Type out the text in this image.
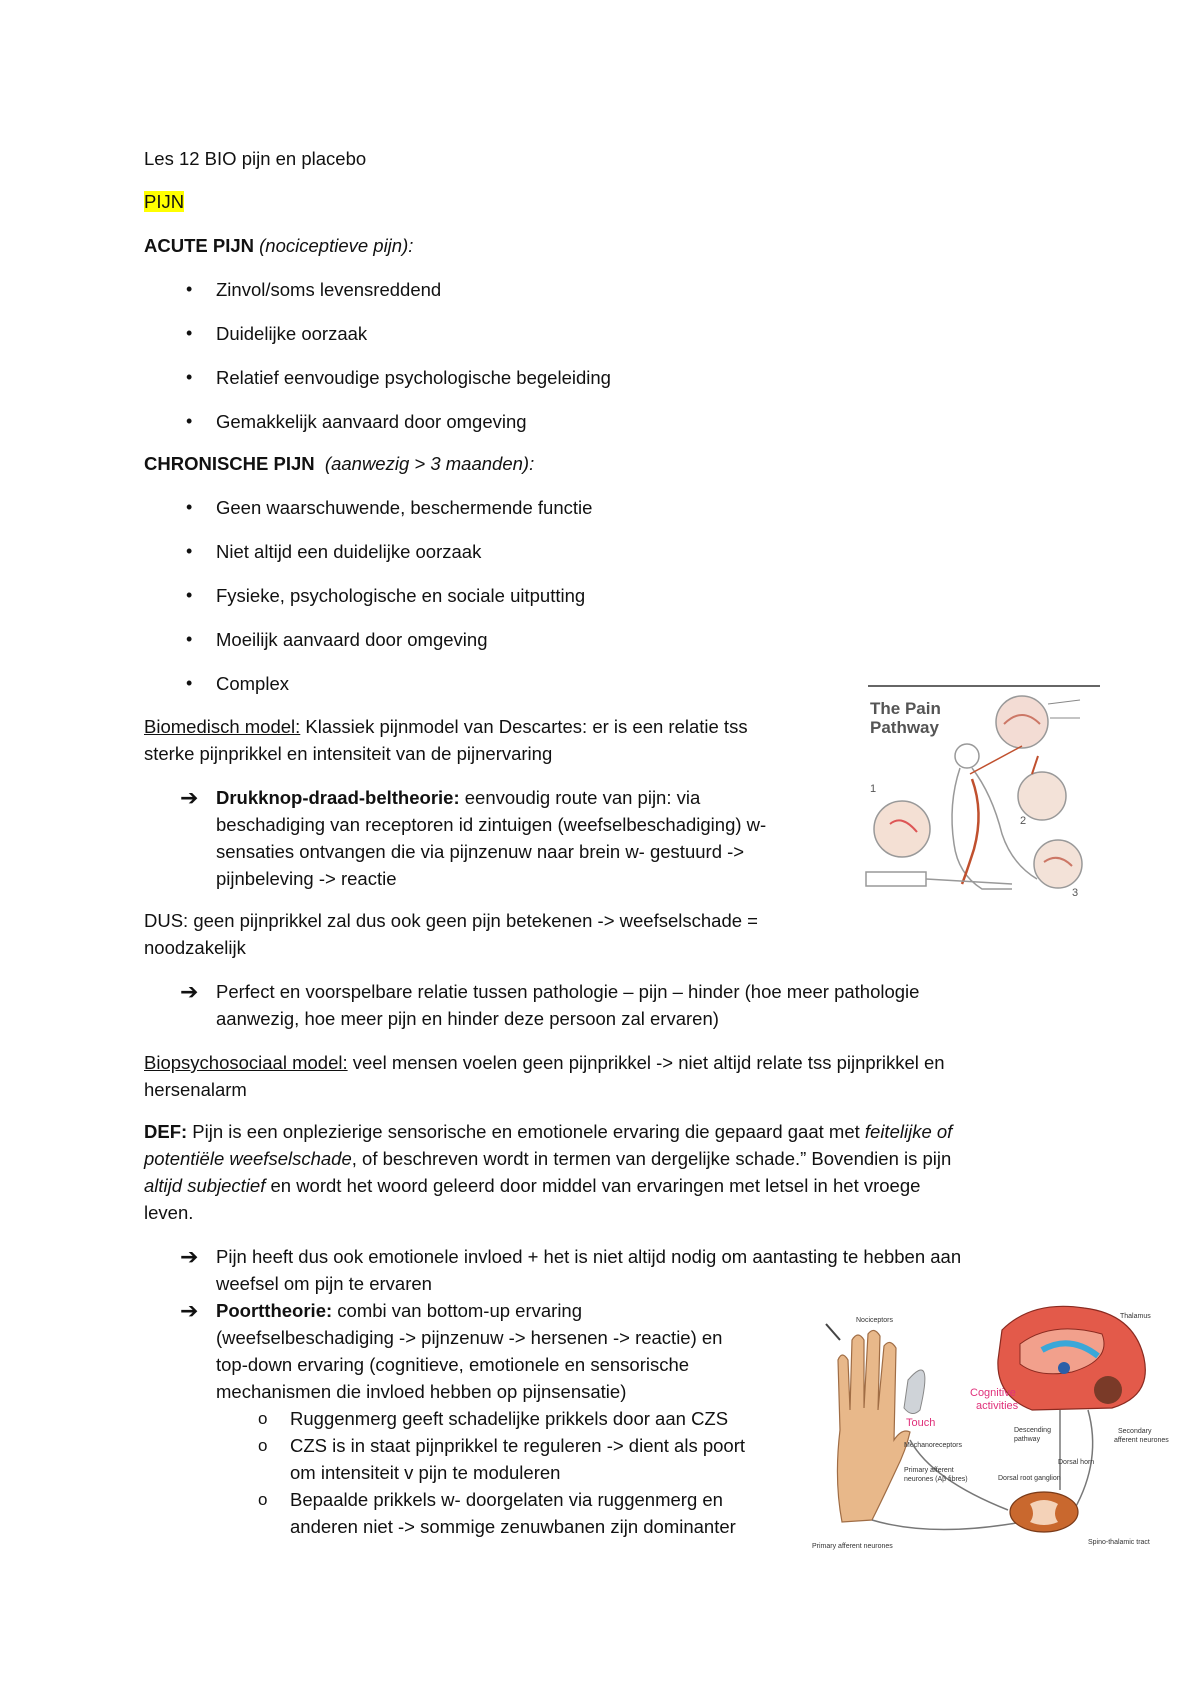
Les 12 BIO pijn en placebo
PIJN
ACUTE PIJN (nociceptieve pijn):
• Zinvol/soms levensreddend
• Duidelijke oorzaak
• Relatief eenvoudige psychologische begeleiding
• Gemakkelijk aanvaard door omgeving
CHRONISCHE PIJN (aanwezig > 3 maanden):
• Geen waarschuwende, beschermende functie
• Niet altijd een duidelijke oorzaak
• Fysieke, psychologische en sociale uitputting
• Moeilijk aanvaard door omgeving
• Complex
Biomedisch model: Klassiek pijnmodel van Descartes: er is een relatie tss
sterke pijnprikkel en intensiteit van de pijnervaring
➔ Drukknop-draad-beltheorie: eenvoudig route van pijn: via
beschadiging van receptoren id zintuigen (weefselbeschadiging) w-
sensaties ontvangen die via pijnzenuw naar brein w- gestuurd ->
pijnbeleving -> reactie
DUS: geen pijnprikkel zal dus ook geen pijn betekenen -> weefselschade =
noodzakelijk
➔ Perfect en voorspelbare relatie tussen pathologie – pijn – hinder (hoe meer pathologie
aanwezig, hoe meer pijn en hinder deze persoon zal ervaren)
Biopsychosociaal model: veel mensen voelen geen pijnprikkel -> niet altijd relate tss pijnprikkel en
hersenalarm
DEF: Pijn is een onplezierige sensorische en emotionele ervaring die gepaard gaat met feitelijke of
potentiële weefselschade, of beschreven wordt in termen van dergelijke schade.” Bovendien is pijn
altijd subjectief en wordt het woord geleerd door middel van ervaringen met letsel in het vroege
leven.
➔ Pijn heeft dus ook emotionele invloed + het is niet altijd nodig om aantasting te hebben aan
weefsel om pijn te ervaren
➔ Poorttheorie: combi van bottom-up ervaring
(weefselbeschadiging -> pijnzenuw -> hersenen -> reactie) en
top-down ervaring (cognitieve, emotionele en sensorische
mechanismen die invloed hebben op pijnsensatie)
o Ruggenmerg geeft schadelijke prikkels door aan CZS
o CZS is in staat pijnprikkel te reguleren -> dient als poort
om intensiteit v pijn te moduleren
o Bepaalde prikkels w- doorgelaten via ruggenmerg en
anderen niet -> sommige zenuwbanen zijn dominanter
The Pain
Pathway
1
2
3
Touch
Nociceptors
Mechanoreceptors
Thalamus
Cognitive
activities
Descending
pathway
Secondary
afferent neurones
Dorsal horn
Primary afferent
neurones (Aβ fibres)	Dorsal root ganglion
Primary afferent neurones
Spino-thalamic tract
